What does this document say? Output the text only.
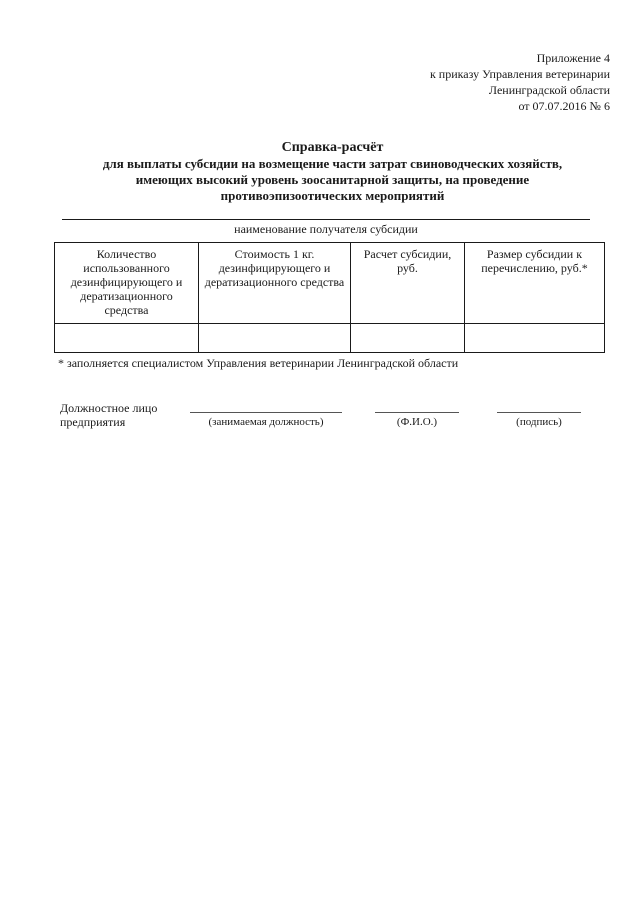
Приложение 4
к приказу Управления ветеринарии
Ленинградской области
от 07.07.2016 № 6
Справка-расчёт
для выплаты субсидии на возмещение части затрат свиноводческих хозяйств,
имеющих высокий уровень зоосанитарной защиты, на проведение
противоэпизоотических мероприятий
наименование получателя субсидии
Количество использованного дезинфицирующего и дератизационного средства	Стоимость 1 кг. дезинфицирующего и дератизационного средства	Расчет субсидии, руб.	Размер субсидии к перечислению, руб.*

* заполняется специалистом Управления ветеринарии Ленинградской области
Должностное лицо
предприятия	(занимаемая должность)	(Ф.И.О.)	(подпись)
